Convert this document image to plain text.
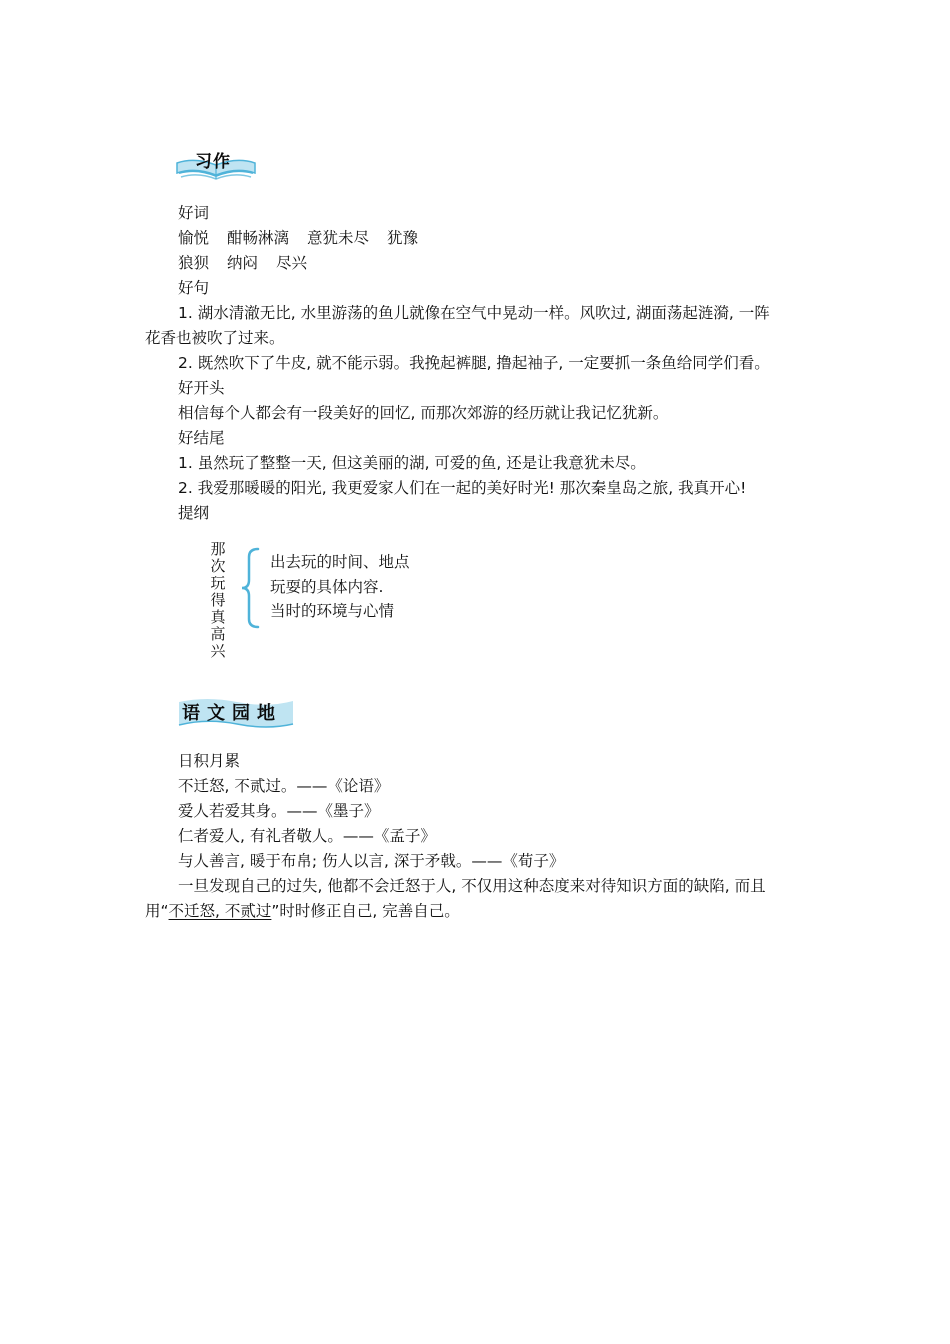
习作
好词
愉悦 酣畅淋漓 意犹未尽 犹豫
狼狈 纳闷 尽兴
好句
1. 湖水清澈无比, 水里游荡的鱼儿就像在空气中晃动一样。风吹过, 湖面荡起涟漪, 一阵
花香也被吹了过来。
2. 既然吹下了牛皮, 就不能示弱。我挽起裤腿, 撸起袖子, 一定要抓一条鱼给同学们看。
好开头
相信每个人都会有一段美好的回忆, 而那次郊游的经历就让我记忆犹新。
好结尾
1. 虽然玩了整整一天, 但这美丽的湖, 可爱的鱼, 还是让我意犹未尽。
2. 我爱那暖暖的阳光, 我更爱家人们在一起的美好时光! 那次秦皇岛之旅, 我真开心!
提纲
那次玩得真高兴
出去玩的时间、地点
玩耍的具体内容.
当时的环境与心情
语文园地
日积月累
不迁怒, 不贰过。——《论语》
爱人若爱其身。——《墨子》
仁者爱人, 有礼者敬人。——《孟子》
与人善言, 暖于布帛; 伤人以言, 深于矛戟。——《荀子》
一旦发现自己的过失, 他都不会迁怒于人, 不仅用这种态度来对待知识方面的缺陷, 而且
用“不迁怒, 不贰过”时时修正自己, 完善自己。
